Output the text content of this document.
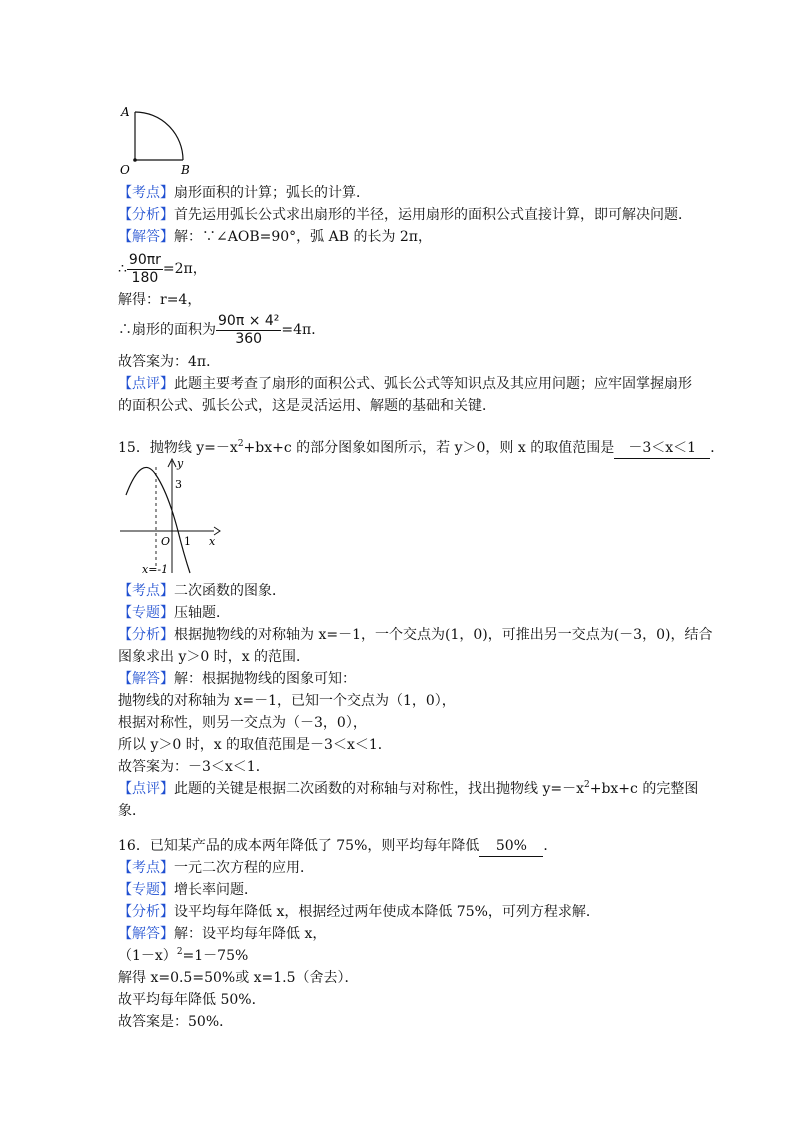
A
O	B
【考点】扇形面积的计算；弧长的计算．
【分析】首先运用弧长公式求出扇形的半径，运用扇形的面积公式直接计算，即可解决问题．
【解答】解：∵∠AOB=90°，弧 AB 的长为 2π，
∴ $\frac{90\pi r}{180} =2\pi$，
解得：r=4，
∴扇形的面积为 $\frac{\text{90π × 4²}}{360} =4\pi$．
故答案为：4π．
【点评】此题主要考查了扇形的面积公式、弧长公式等知识点及其应用问题；应牢固掌握扇形
的面积公式、弧长公式，这是灵活运用、解题的基础和关键．
15．抛物线 $y=-x^2+bx+c$ 的部分图象如图所示，若 y＞0，则 x 的取值范围是 －3＜x＜1 ．
y
x
O 1
3
x=-1
【考点】二次函数的图象．
【专题】压轴题．
【分析】根据抛物线的对称轴为 x=－1，一个交点为(1，0)，可推出另一交点为(－3，0)，结合
图象求出 y＞0 时，x 的范围．
【解答】解：根据抛物线的图象可知：
抛物线的对称轴为 x=－1，已知一个交点为（1，0），
根据对称性，则另一交点为（－3，0），
所以 y＞0 时，x 的取值范围是－3＜x＜1．
故答案为：－3＜x＜1．
【点评】此题的关键是根据二次函数的对称轴与对称性，找出抛物线 $y=-x^2+bx+c$ 的完整图
象．
16．已知某产品的成本两年降低了 75%，则平均每年降低 50% ．
【考点】一元二次方程的应用．
【专题】增长率问题．
【分析】设平均每年降低 x，根据经过两年使成本降低 75%，可列方程求解．
【解答】解：设平均每年降低 x，
$(1-x)^2=1-75\%$
解得 x=0.5=50%或 x=1.5（舍去）．
故平均每年降低 50%．
故答案是：50%．
